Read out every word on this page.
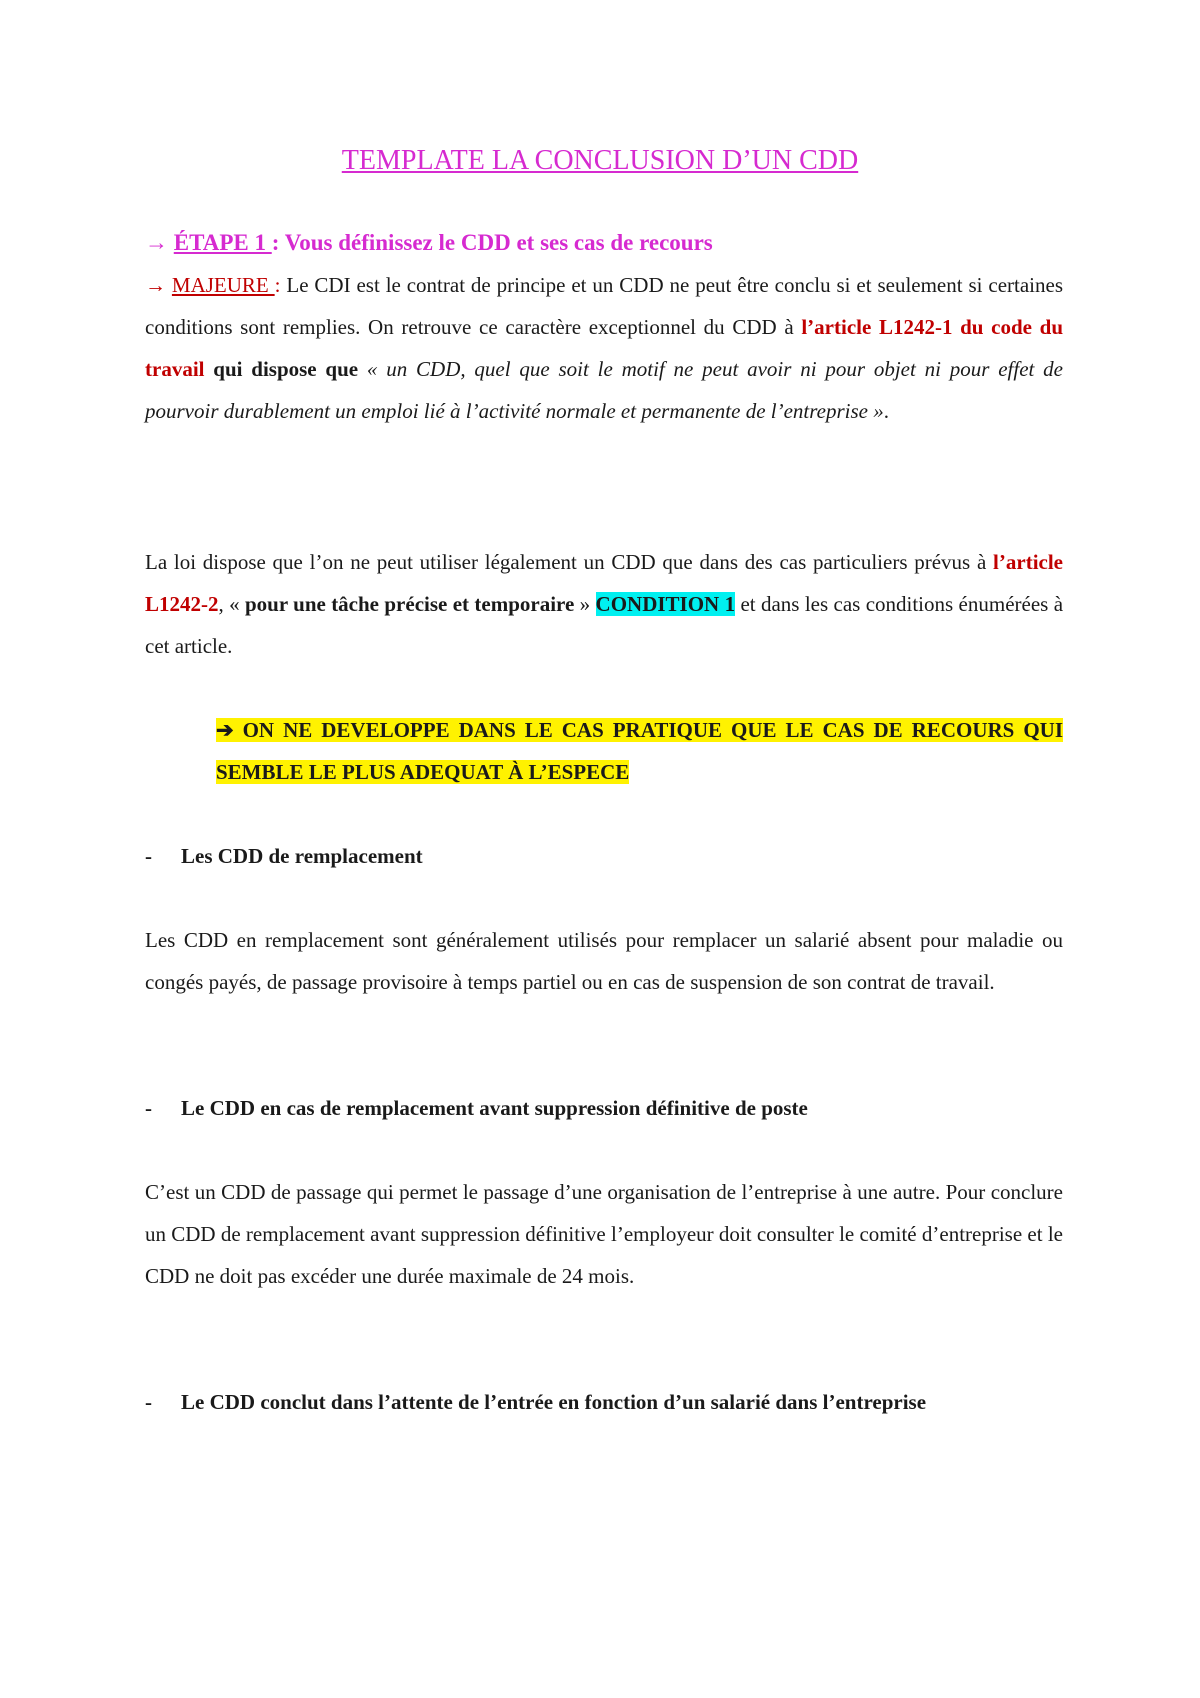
TEMPLATE LA CONCLUSION D’UN CDD
→ ÉTAPE 1 : Vous définissez le CDD et ses cas de recours
→ MAJEURE : Le CDI est le contrat de principe et un CDD ne peut être conclu si et seulement si certaines conditions sont remplies. On retrouve ce caractère exceptionnel du CDD à l’article L1242-1 du code du travail qui dispose que « un CDD, quel que soit le motif ne peut avoir ni pour objet ni pour effet de pourvoir durablement un emploi lié à l’activité normale et permanente de l’entreprise ».
La loi dispose que l’on ne peut utiliser légalement un CDD que dans des cas particuliers prévus à l’article L1242-2, « pour une tâche précise et temporaire » CONDITION 1 et dans les cas conditions énumérées à cet article.
➔ ON NE DEVELOPPE DANS LE CAS PRATIQUE QUE LE CAS DE RECOURS QUI SEMBLE LE PLUS ADEQUAT À L’ESPECE
- Les CDD de remplacement
Les CDD en remplacement sont généralement utilisés pour remplacer un salarié absent pour maladie ou congés payés, de passage provisoire à temps partiel ou en cas de suspension de son contrat de travail.
- Le CDD en cas de remplacement avant suppression définitive de poste
C’est un CDD de passage qui permet le passage d’une organisation de l’entreprise à une autre. Pour conclure un CDD de remplacement avant suppression définitive l’employeur doit consulter le comité d’entreprise et le CDD ne doit pas excéder une durée maximale de 24 mois.
- Le CDD conclut dans l’attente de l’entrée en fonction d’un salarié dans l’entreprise
